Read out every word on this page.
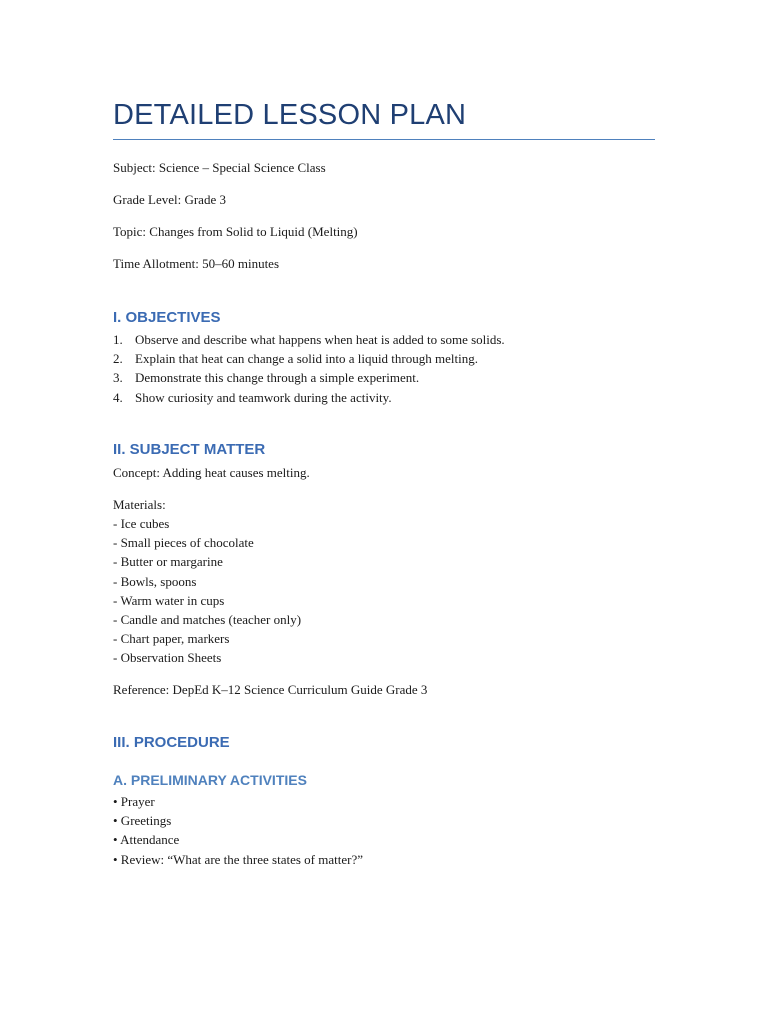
DETAILED LESSON PLAN

Subject: Science – Special Science Class

Grade Level: Grade 3

Topic: Changes from Solid to Liquid (Melting)

Time Allotment: 50–60 minutes

I. OBJECTIVES
1. Observe and describe what happens when heat is added to some solids.
2. Explain that heat can change a solid into a liquid through melting.
3. Demonstrate this change through a simple experiment.
4. Show curiosity and teamwork during the activity.
II. SUBJECT MATTER

Concept: Adding heat causes melting.

Materials:

- Ice cubes
- Small pieces of chocolate
- Butter or margarine
- Bowls, spoons
- Warm water in cups
- Candle and matches (teacher only)
- Chart paper, markers
- Observation Sheets

Reference: DepEd K–12 Science Curriculum Guide Grade 3

III. PROCEDURE
A. PRELIMINARY ACTIVITIES
• Prayer
• Greetings
• Attendance
• Review: “What are the three states of matter?”
